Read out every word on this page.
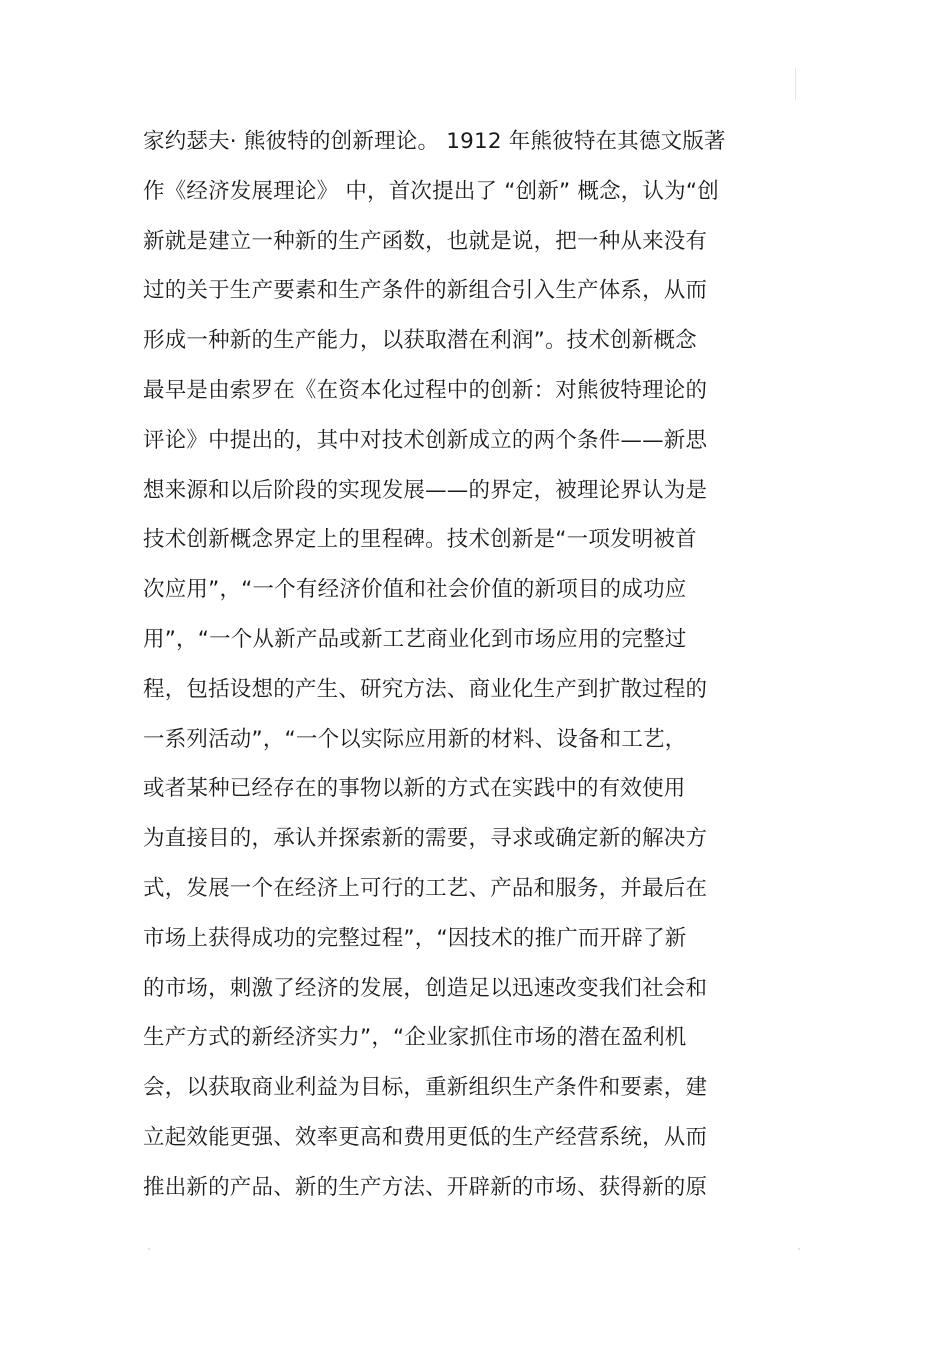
家约瑟夫· 熊彼特的创新理论。 1912 年熊彼特在其德文版著
作《经济发展理论》 中，首次提出了 “创新” 概念，认为“创
新就是建立一种新的生产函数，也就是说，把一种从来没有
过的关于生产要素和生产条件的新组合引入生产体系，从而
形成一种新的生产能力，以获取潜在利润”。技术创新概念
最早是由索罗在《在资本化过程中的创新：对熊彼特理论的
评论》中提出的，其中对技术创新成立的两个条件——新思
想来源和以后阶段的实现发展——的界定，被理论界认为是
技术创新概念界定上的里程碑。技术创新是“一项发明被首
次应用”，“一个有经济价值和社会价值的新项目的成功应
用”，“一个从新产品或新工艺商业化到市场应用的完整过
程，包括设想的产生、研究方法、商业化生产到扩散过程的
一系列活动”，“一个以实际应用新的材料、设备和工艺，
或者某种已经存在的事物以新的方式在实践中的有效使用
为直接目的，承认并探索新的需要，寻求或确定新的解决方
式，发展一个在经济上可行的工艺、产品和服务，并最后在
市场上获得成功的完整过程”，“因技术的推广而开辟了新
的市场，刺激了经济的发展，创造足以迅速改变我们社会和
生产方式的新经济实力”，“企业家抓住市场的潜在盈利机
会，以获取商业利益为目标，重新组织生产条件和要素，建
立起效能更强、效率更高和费用更低的生产经营系统，从而
推出新的产品、新的生产方法、开辟新的市场、获得新的原
